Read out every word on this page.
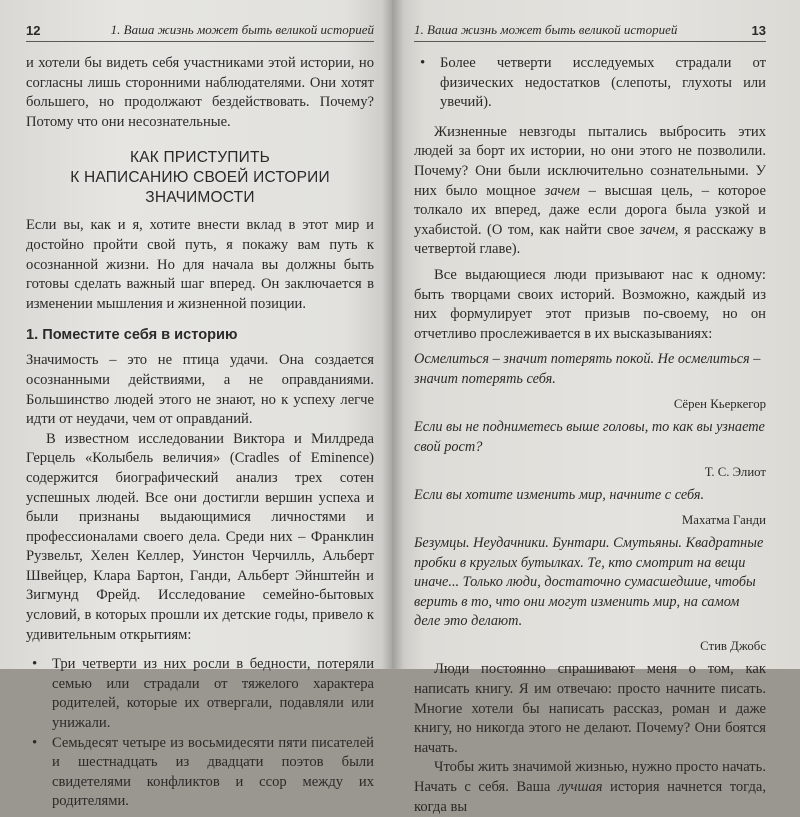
12	1. Ваша жизнь может быть великой историей

и хотели бы видеть себя участниками этой истории, но согласны лишь сторонними наблюдателями. Они хотят большего, но продолжают бездействовать. Почему? Потому что они несознательные.

КАК ПРИСТУПИТЬ
К НАПИСАНИЮ СВОЕЙ ИСТОРИИ ЗНАЧИМОСТИ

Если вы, как и я, хотите внести вклад в этот мир и достойно пройти свой путь, я покажу вам путь к осознанной жизни. Но для начала вы должны быть готовы сделать важный шаг вперед. Он заключается в изменении мышления и жизненной позиции.

1. Поместите себя в историю

Значимость – это не птица удачи. Она создается осознанными действиями, а не оправданиями. Большинство людей этого не знают, но к успеху легче идти от неудачи, чем от оправданий.

В известном исследовании Виктора и Милдреда Герцель «Колыбель величия» (Cradles of Eminence) содержится биографический анализ трех сотен успешных людей. Все они достигли вершин успеха и были признаны выдающимися личностями и профессионалами своего дела. Среди них – Франклин Рузвельт, Хелен Келлер, Уинстон Черчилль, Альберт Швейцер, Клара Бартон, Ганди, Альберт Эйнштейн и Зигмунд Фрейд. Исследование семейно-бытовых условий, в которых прошли их детские годы, привело к удивительным открытиям:

• Три четверти из них росли в бедности, потеряли семью или страдали от тяжелого характера родителей, которые их отвергали, подавляли или унижали.
• Семьдесят четыре из восьмидесяти пяти писателей и шестнадцать из двадцати поэтов были свидетелями конфликтов и ссор между их родителями.
1. Ваша жизнь может быть великой историей	13
• Более четверти исследуемых страдали от физических недостатков (слепоты, глухоты или увечий).

Жизненные невзгоды пытались выбросить этих людей за борт их истории, но они этого не позволили. Почему? Они были исключительно сознательными. У них было мощное зачем – высшая цель, – которое толкало их вперед, даже если дорога была узкой и ухабистой. (О том, как найти свое зачем, я расскажу в четвертой главе).

Все выдающиеся люди призывают нас к одному: быть творцами своих историй. Возможно, каждый из них формулирует этот призыв по-своему, но он отчетливо прослеживается в их высказываниях:

Осмелиться – значит потерять покой. Не осмелиться – значит потерять себя.

Сёрен Кьеркегор

Если вы не подниметесь выше головы, то как вы узнаете свой рост?

Т. С. Элиот

Если вы хотите изменить мир, начните с себя.

Махатма Ганди

Безумцы. Неудачники. Бунтари. Смутьяны. Квадратные пробки в круглых бутылках. Те, кто смотрит на вещи иначе... Только люди, достаточно сумасшедшие, чтобы верить в то, что они могут изменить мир, на самом деле это делают.

Стив Джобс

Люди постоянно спрашивают меня о том, как написать книгу. Я им отвечаю: просто начните писать. Многие хотели бы написать рассказ, роман и даже книгу, но никогда этого не делают. Почему? Они боятся начать.

Чтобы жить значимой жизнью, нужно просто начать. Начать с себя. Ваша лучшая история начнется тогда, когда вы
